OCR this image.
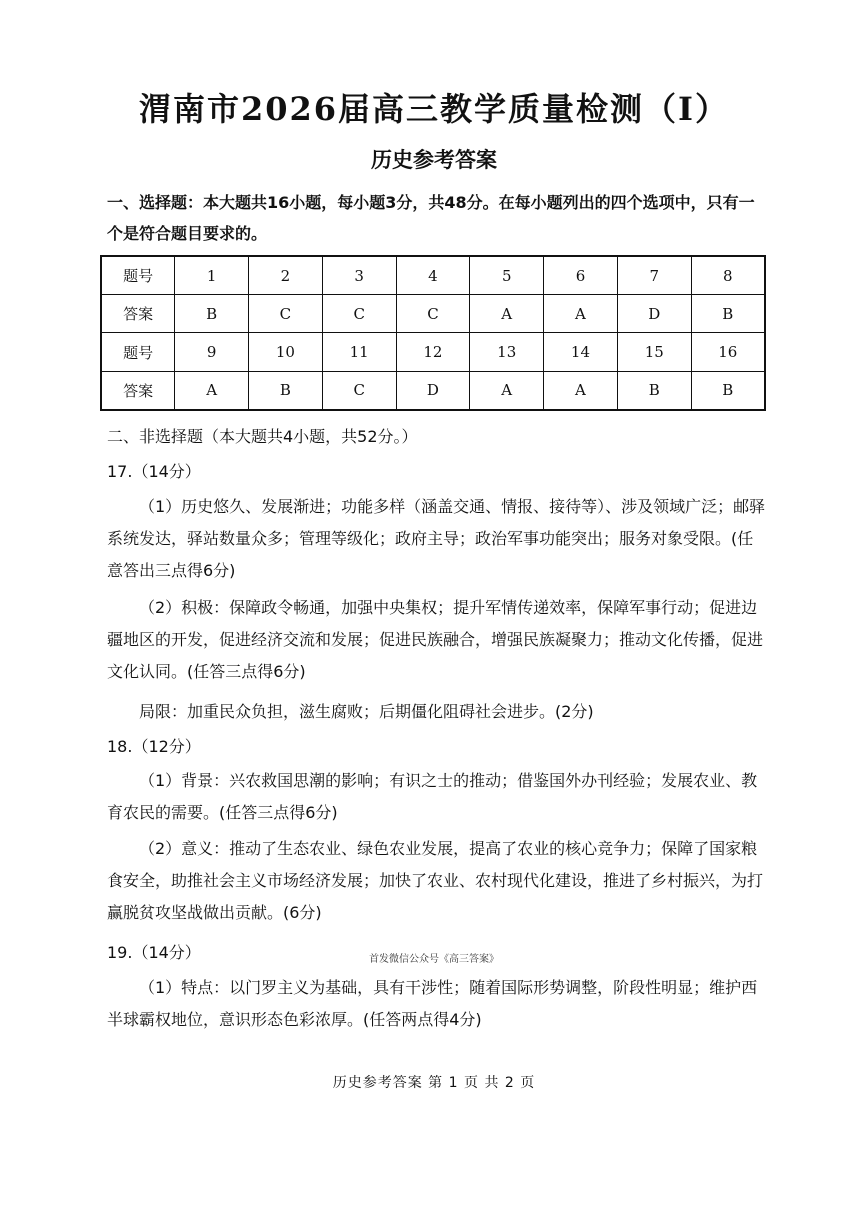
渭南市2026届高三教学质量检测（Ⅰ）
历史参考答案
一、选择题：本大题共16小题，每小题3分，共48分。在每小题列出的四个选项中，只有一个是符合题目要求的。
题号	1	2	3	4	5	6	7	8
答案	B	C	C	C	A	A	D	B
题号	9	10	11	12	13	14	15	16
答案	A	B	C	D	A	A	B	B

二、非选择题（本大题共4小题，共52分。）

17.（14分）

（1）历史悠久、发展渐进；功能多样（涵盖交通、情报、接待等）、涉及领域广泛；邮驿系统发达，驿站数量众多；管理等级化；政府主导；政治军事功能突出；服务对象受限。(任意答出三点得6分)

（2）积极：保障政令畅通，加强中央集权；提升军情传递效率，保障军事行动；促进边疆地区的开发，促进经济交流和发展；促进民族融合，增强民族凝聚力；推动文化传播，促进文化认同。(任答三点得6分)

局限：加重民众负担，滋生腐败；后期僵化阻碍社会进步。(2分)

18.（12分）

（1）背景：兴农救国思潮的影响；有识之士的推动；借鉴国外办刊经验；发展农业、教育农民的需要。(任答三点得6分)

（2）意义：推动了生态农业、绿色农业发展，提高了农业的核心竞争力；保障了国家粮食安全，助推社会主义市场经济发展；加快了农业、农村现代化建设，推进了乡村振兴，为打赢脱贫攻坚战做出贡献。(6分)

19.（14分）	首发微信公众号《高三答案》

（1）特点：以门罗主义为基础，具有干涉性；随着国际形势调整，阶段性明显；维护西半球霸权地位，意识形态色彩浓厚。(任答两点得4分)

历史参考答案 第 1 页 共 2 页
